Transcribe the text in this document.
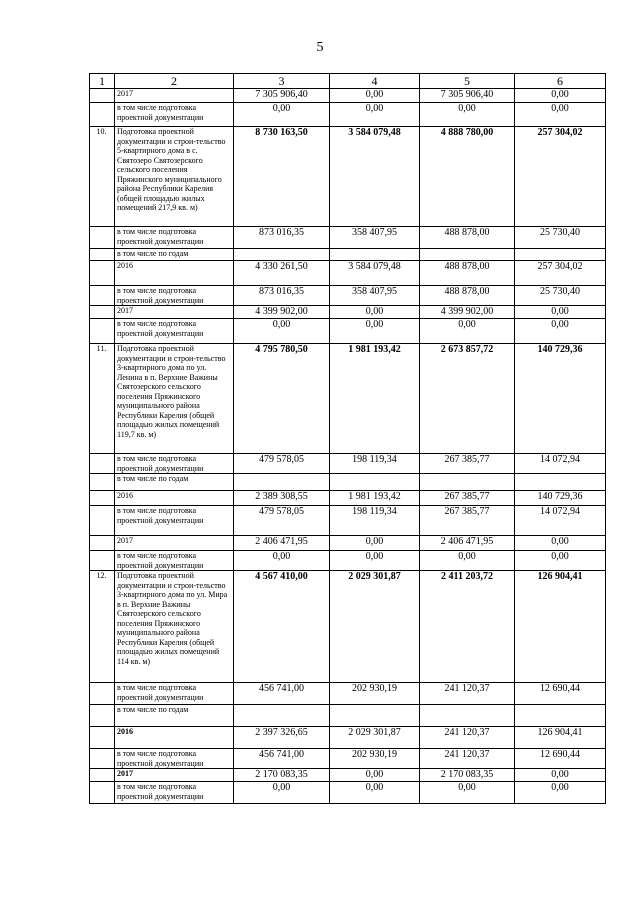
5
1	2	3	4	5	6
	2017	7 305 906,40	0,00	7 305 906,40	0,00
	в том числе подготовка проектной документации	0,00	0,00	0,00	0,00
10.	Подготовка проектной документации и строи-тельство 5-квартирного дома в с. Святозеро Святозерского сельского поселения Пряжинского муниципального района Республики Карелия (общей площадью жилых помещений 217,9 кв. м)	8 730 163,50	3 584 079,48	4 888 780,00	257 304,02
	в том числе подготовка проектной документации	873 016,35	358 407,95	488 878,00	25 730,40
	в том числе по годам				
	2016	4 330 261,50	3 584 079,48	488 878,00	257 304,02
	в том числе подготовка проектной документации	873 016,35	358 407,95	488 878,00	25 730,40
	2017	4 399 902,00	0,00	4 399 902,00	0,00
	в том числе подготовка проектной документации	0,00	0,00	0,00	0,00
11.	Подготовка проектной документации и строи-тельство 3-квартирного дома по ул. Ленина в п. Верхние Важины Святозерского сельского поселения Пряжинского муниципального района Республики Карелия (общей площадью жилых помещений 119,7 кв. м)	4 795 780,50	1 981 193,42	2 673 857,72	140 729,36
	в том числе подготовка проектной документации	479 578,05	198 119,34	267 385,77	14 072,94
	в том числе по годам				
	2016	2 389 308,55	1 981 193,42	267 385,77	140 729,36
	в том числе подготовка проектной документации	479 578,05	198 119,34	267 385,77	14 072,94
	2017	2 406 471,95	0,00	2 406 471,95	0,00
	в том числе подготовка проектной документации	0,00	0,00	0,00	0,00
12.	Подготовка проектной документации и строи-тельство 3-квартирного дома по ул. Мира в п. Верхние Важины Святозерского сельского поселения Пряжинского муниципального района Республики Карелия (общей площадью жилых помещений 114 кв. м)	4 567 410,00	2 029 301,87	2 411 203,72	126 904,41
	в том числе подготовка проектной документации	456 741,00	202 930,19	241 120,37	12 690,44
	в том числе по годам				
	2016	2 397 326,65	2 029 301,87	241 120,37	126 904,41
	в том числе подготовка проектной документации	456 741,00	202 930,19	241 120,37	12 690,44
	2017	2 170 083,35	0,00	2 170 083,35	0,00
	в том числе подготовка проектной документации	0,00	0,00	0,00	0,00
